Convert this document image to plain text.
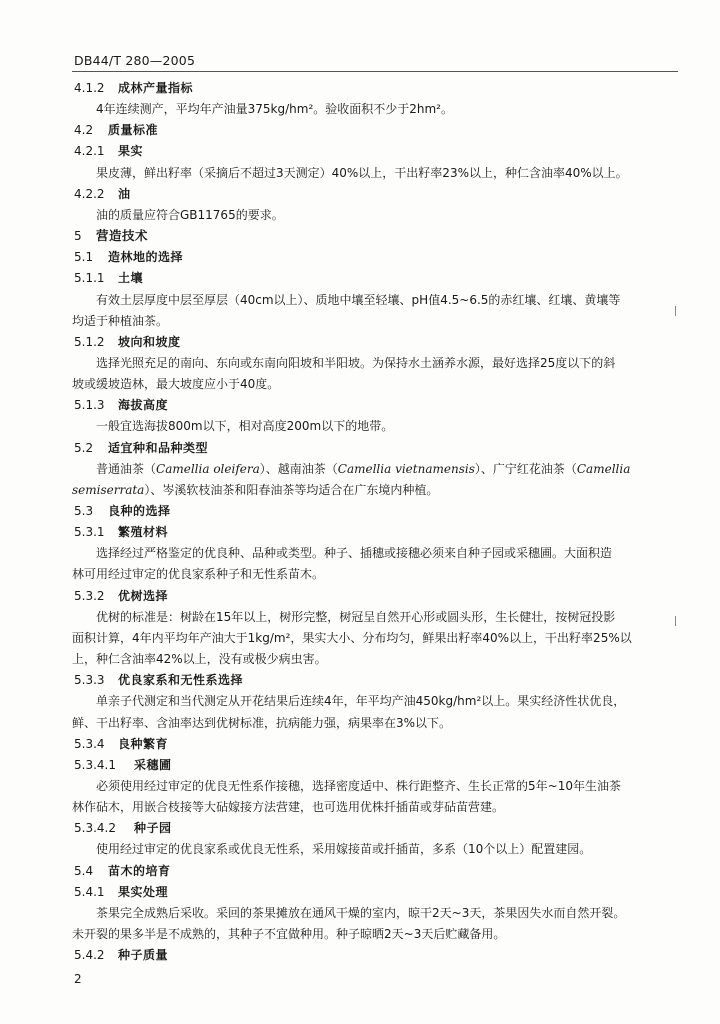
DB44/T 280—2005
4.1.2 成林产量指标
4年连续测产，平均年产油量375kg/hm²。验收面积不少于2hm²。
4.2 质量标准
4.2.1 果实
果皮薄，鲜出籽率（采摘后不超过3天测定）40%以上，干出籽率23%以上，种仁含油率40%以上。
4.2.2 油
油的质量应符合GB11765的要求。
5 营造技术
5.1 造林地的选择
5.1.1 土壤
有效土层厚度中层至厚层（40cm以上）、质地中壤至轻壤、pH值4.5~6.5的赤红壤、红壤、黄壤等
均适于种植油茶。
5.1.2 坡向和坡度
选择光照充足的南向、东向或东南向阳坡和半阳坡。为保持水土涵养水源，最好选择25度以下的斜
坡或缓坡造林，最大坡度应小于40度。
5.1.3 海拔高度
一般宜选海拔800m以下，相对高度200m以下的地带。
5.2 适宜种和品种类型
普通油茶（Camellia oleifera）、越南油茶（Camellia vietnamensis）、广宁红花油茶（Camellia
semiserrata）、岑溪软枝油茶和阳春油茶等均适合在广东境内种植。
5.3 良种的选择
5.3.1 繁殖材料
选择经过严格鉴定的优良种、品种或类型。种子、插穗或接穗必须来自种子园或采穗圃。大面积造
林可用经过审定的优良家系种子和无性系苗木。
5.3.2 优树选择
优树的标准是：树龄在15年以上，树形完整，树冠呈自然开心形或圆头形，生长健壮，按树冠投影
面积计算，4年内平均年产油大于1kg/m²，果实大小、分布均匀，鲜果出籽率40%以上，干出籽率25%以
上，种仁含油率42%以上，没有或极少病虫害。
5.3.3 优良家系和无性系选择
单亲子代测定和当代测定从开花结果后连续4年，年平均产油450kg/hm²以上。果实经济性状优良，
鲜、干出籽率、含油率达到优树标准，抗病能力强，病果率在3%以下。
5.3.4 良种繁育
5.3.4.1 采穗圃
必须使用经过审定的优良无性系作接穗，选择密度适中、株行距整齐、生长正常的5年~10年生油茶
林作砧木，用嵌合枝接等大砧嫁接方法营建，也可选用优株扦插苗或芽砧苗营建。
5.3.4.2 种子园
使用经过审定的优良家系或优良无性系，采用嫁接苗或扦插苗，多系（10个以上）配置建园。
5.4 苗木的培育
5.4.1 果实处理
茶果完全成熟后采收。采回的茶果摊放在通风干燥的室内，晾干2天~3天，茶果因失水而自然开裂。
未开裂的果多半是不成熟的，其种子不宜做种用。种子晾晒2天~3天后贮藏备用。
5.4.2 种子质量
2
